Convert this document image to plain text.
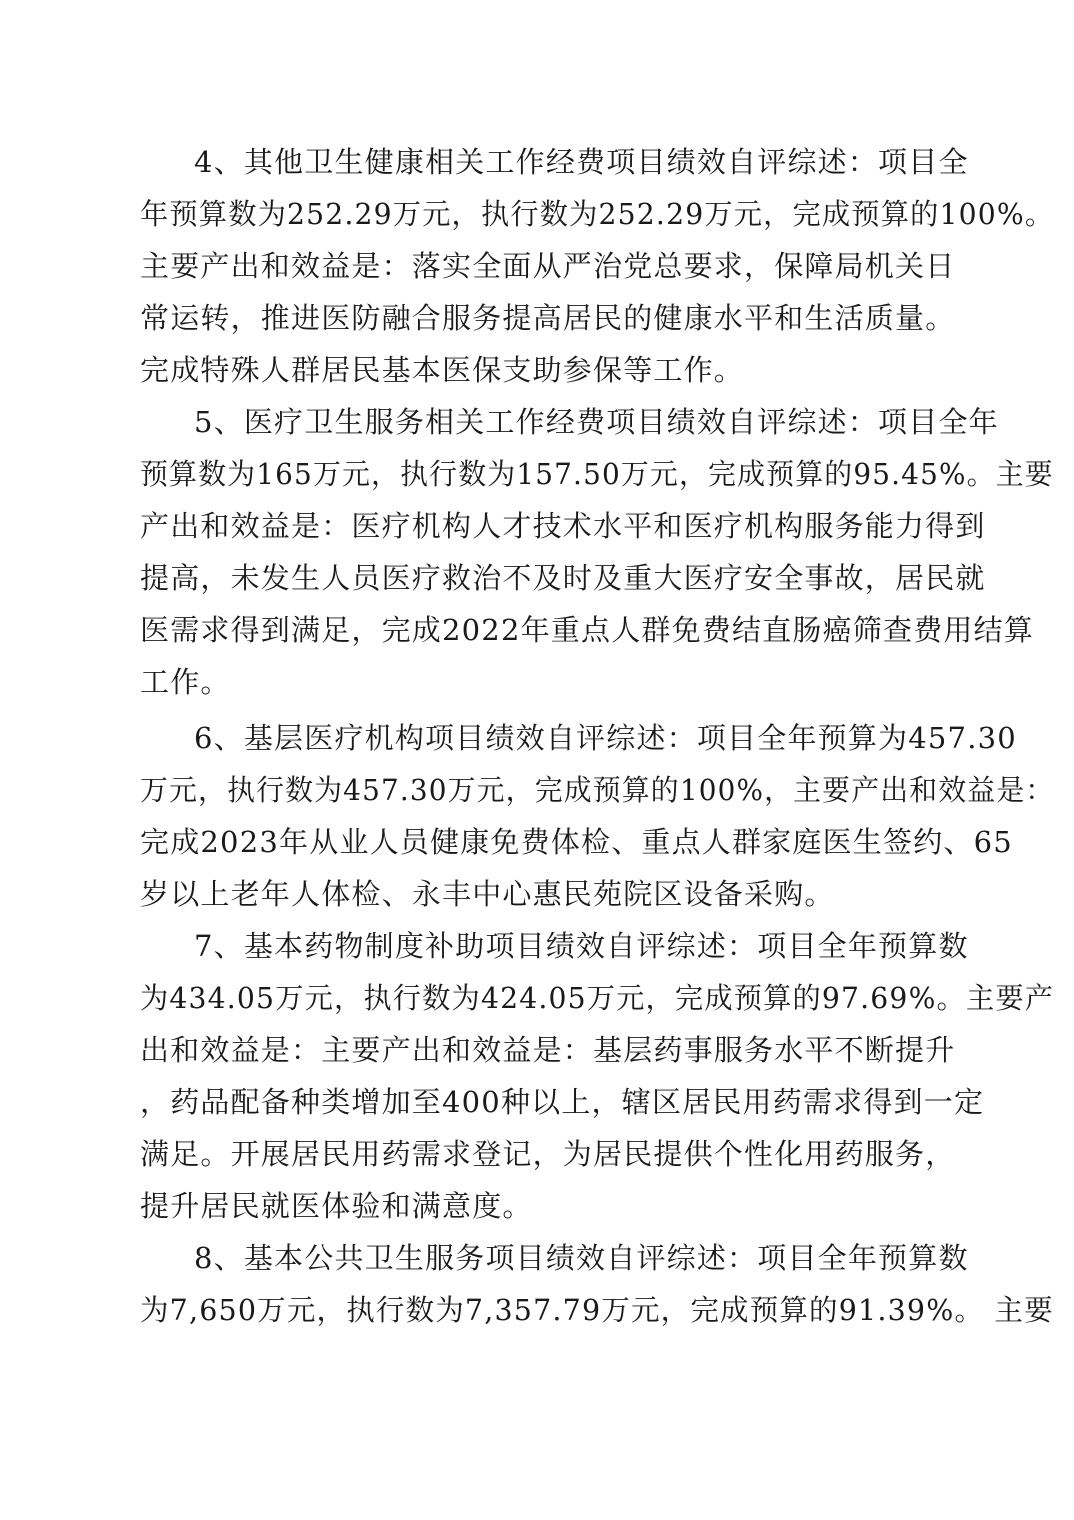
4、其他卫生健康相关工作经费项目绩效自评综述：项目全
年预算数为252.29万元，执行数为252.29万元，完成预算的100%。
主要产出和效益是：落实全面从严治党总要求，保障局机关日
常运转，推进医防融合服务提高居民的健康水平和生活质量。
完成特殊人群居民基本医保支助参保等工作。
5、医疗卫生服务相关工作经费项目绩效自评综述：项目全年
预算数为165万元，执行数为157.50万元，完成预算的95.45%。主要
产出和效益是：医疗机构人才技术水平和医疗机构服务能力得到
提高，未发生人员医疗救治不及时及重大医疗安全事故，居民就
医需求得到满足，完成2022年重点人群免费结直肠癌筛查费用结算
工作。
6、基层医疗机构项目绩效自评综述：项目全年预算为457.30
万元，执行数为457.30万元，完成预算的100%，主要产出和效益是：
完成2023年从业人员健康免费体检、重点人群家庭医生签约、65
岁以上老年人体检、永丰中心惠民苑院区设备采购。
7、基本药物制度补助项目绩效自评综述：项目全年预算数
为434.05万元，执行数为424.05万元，完成预算的97.69%。主要产
出和效益是：主要产出和效益是：基层药事服务水平不断提升
，药品配备种类增加至400种以上，辖区居民用药需求得到一定
满足。开展居民用药需求登记，为居民提供个性化用药服务，
提升居民就医体验和满意度。
8、基本公共卫生服务项目绩效自评综述：项目全年预算数
为7,650万元，执行数为7,357.79万元，完成预算的91.39%。 主要
